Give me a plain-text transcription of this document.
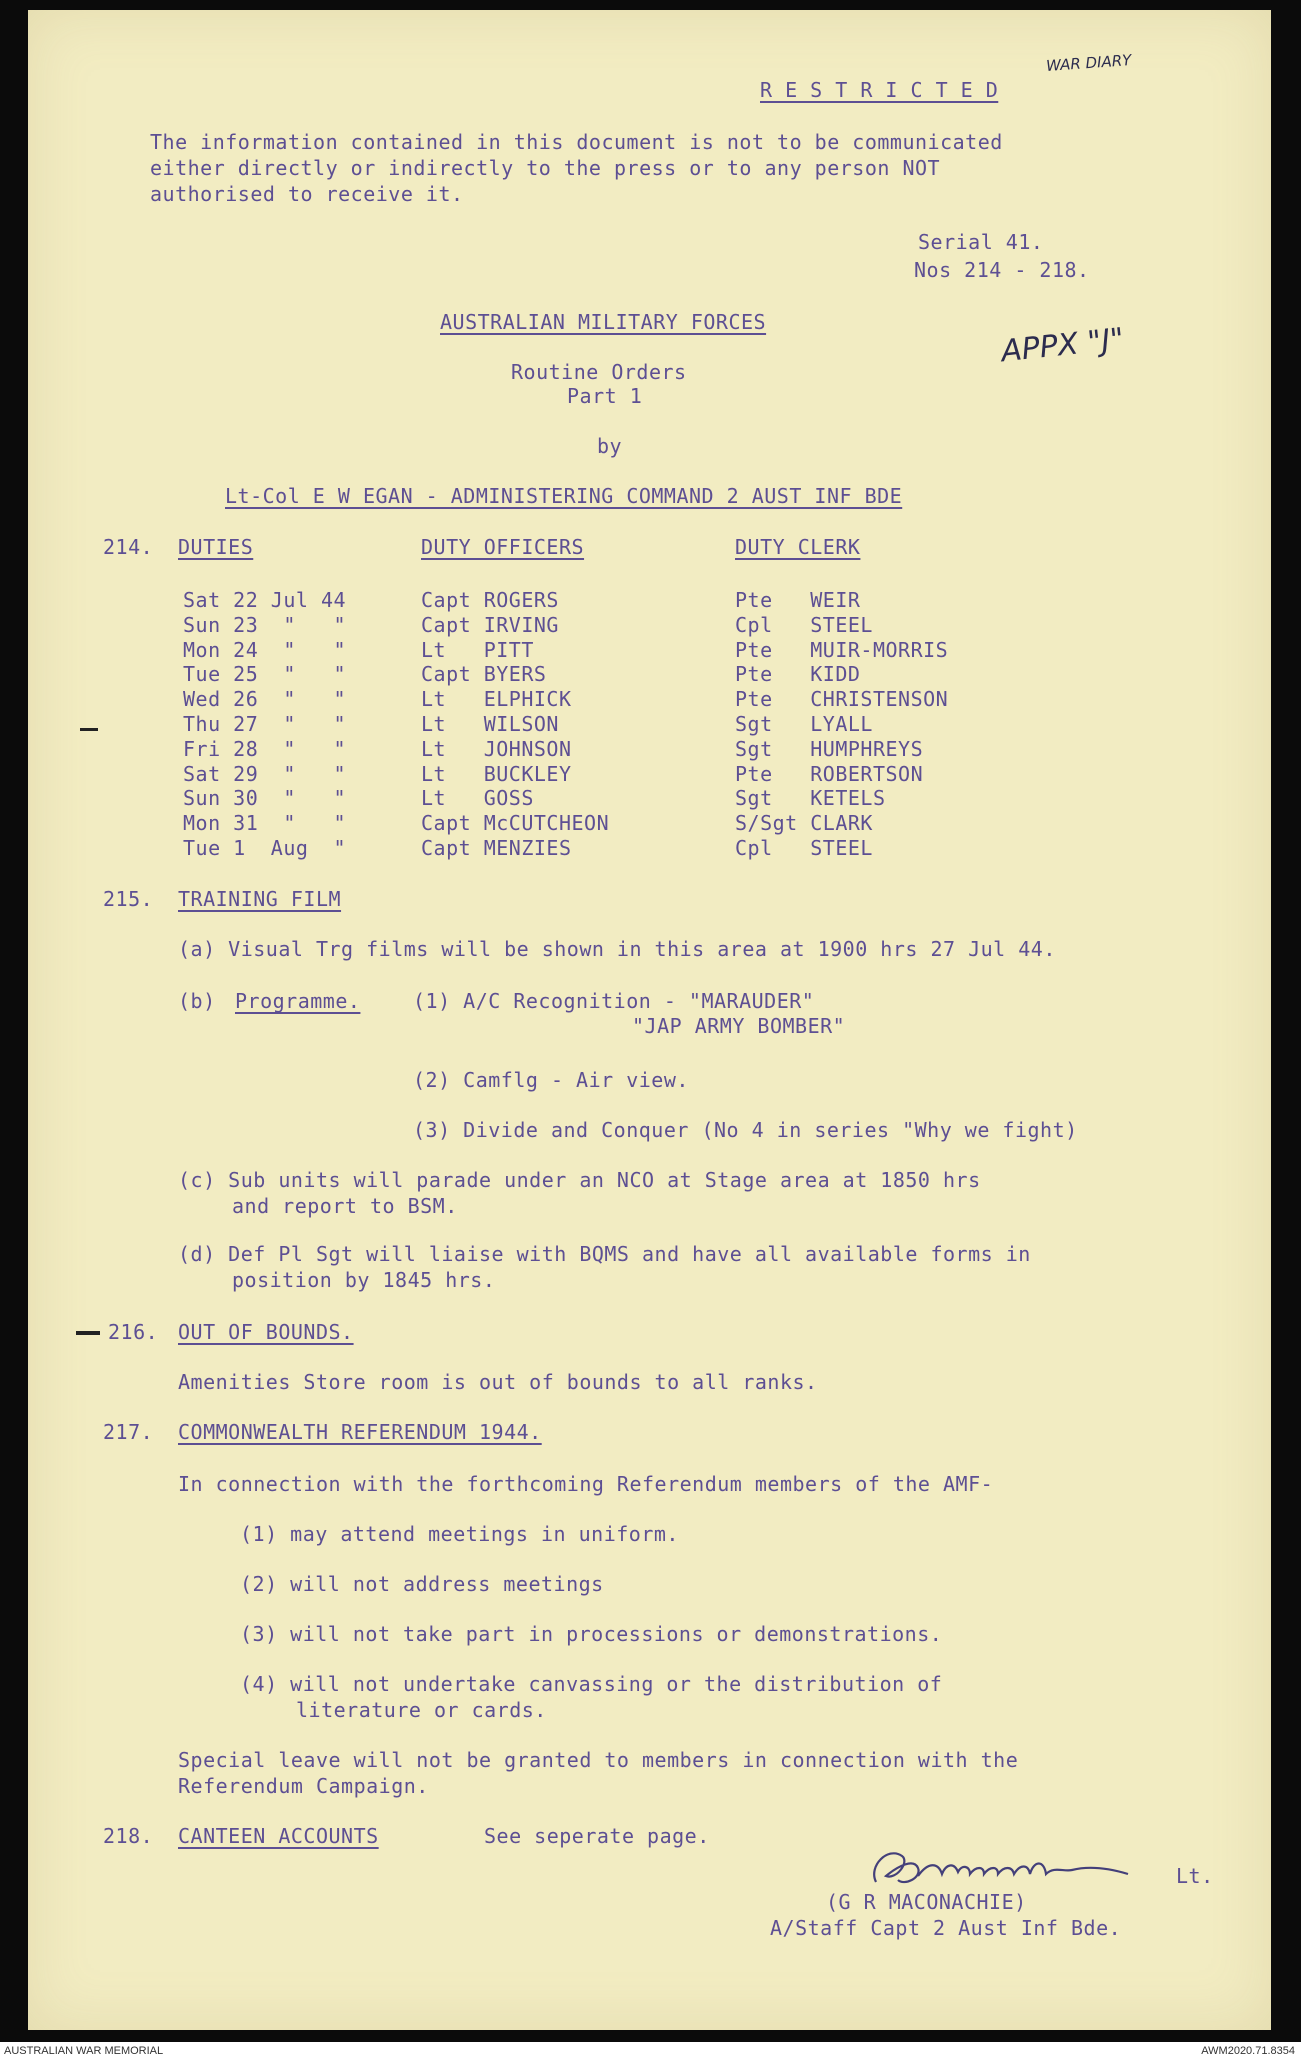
WAR DIARY
R E S T R I C T E D
The information contained in this document is not to be communicated
either directly or indirectly to the press or to any person NOT
authorised to receive it.
Serial 41.
Nos 214 - 218.
AUSTRALIAN MILITARY FORCES	APPX "J"
Routine Orders
Part 1
by
Lt-Col E W EGAN - ADMINISTERING COMMAND 2 AUST INF BDE
214. DUTIES	DUTY OFFICERS	DUTY CLERK
215. TRAINING FILM
(a) Visual Trg films will be shown in this area at 1900 hrs 27 Jul 44.
(b) Programme.	(1) A/C Recognition - "MARAUDER"
"JAP ARMY BOMBER"
(2) Camflg - Air view.
(3) Divide and Conquer (No 4 in series "Why we fight)
(c) Sub units will parade under an NCO at Stage area at 1850 hrs
and report to BSM.
(d) Def Pl Sgt will liaise with BQMS and have all available forms in
position by 1845 hrs.
216. OUT OF BOUNDS.
Amenities Store room is out of bounds to all ranks.
217. COMMONWEALTH REFERENDUM 1944.
In connection with the forthcoming Referendum members of the AMF-
(1) may attend meetings in uniform.
(2) will not address meetings
(3) will not take part in processions or demonstrations.
(4) will not undertake canvassing or the distribution of
literature or cards.
Special leave will not be granted to members in connection with the
Referendum Campaign.
218. CANTEEN ACCOUNTS	See seperate page.
Lt.
(G R MACONACHIE)
A/Staff Capt 2 Aust Inf Bde.
Sat 22 Jul 44	Capt ROGERS	Pte   WEIR
Sun 23  "   "	Capt IRVING	Cpl   STEEL
Mon 24  "   "	Lt   PITT	Pte   MUIR-MORRIS
Tue 25  "   "	Capt BYERS	Pte   KIDD
Wed 26  "   "	Lt   ELPHICK	Pte   CHRISTENSON
Thu 27  "   "	Lt   WILSON	Sgt   LYALL
Fri 28  "   "	Lt   JOHNSON	Sgt   HUMPHREYS
Sat 29  "   "	Lt   BUCKLEY	Pte   ROBERTSON
Sun 30  "   "	Lt   GOSS	Sgt   KETELS
Mon 31  "   "	Capt McCUTCHEON	S/Sgt CLARK
Tue 1  Aug  "	Capt MENZIES	Cpl   STEEL
AUSTRALIAN WAR MEMORIAL	AWM2020.71.8354
